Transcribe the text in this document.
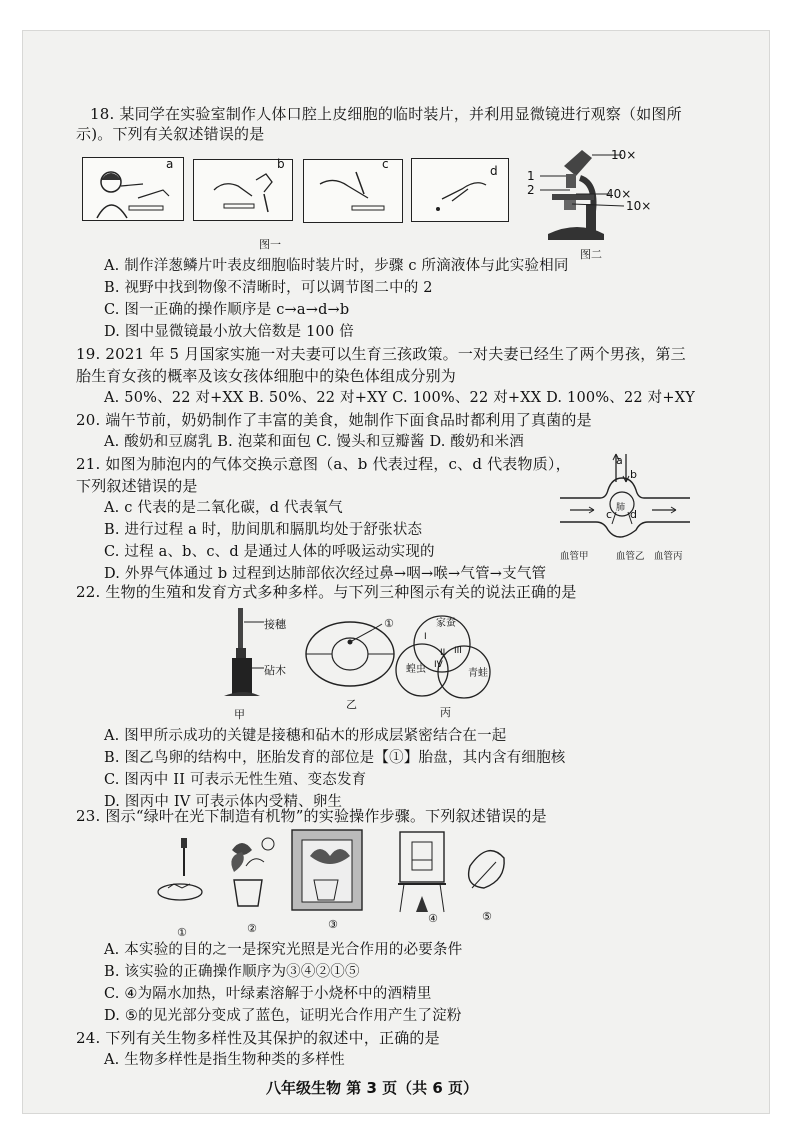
18. 某同学在实验室制作人体口腔上皮细胞的临时装片，并利用显微镜进行观察（如图所
示)。下列有关叙述错误的是
a	b	c	d
图一
10×
1
2	40×
10×
图二
A. 制作洋葱鳞片叶表皮细胞临时装片时，步骤 c 所滴液体与此实验相同
B. 视野中找到物像不清晰时，可以调节图二中的 2
C. 图一正确的操作顺序是 c→a→d→b
D. 图中显微镜最小放大倍数是 100 倍
19. 2021 年 5 月国家实施一对夫妻可以生育三孩政策。一对夫妻已经生了两个男孩，第三
胎生育女孩的概率及该女孩体细胞中的染色体组成分别为
A. 50%、22 对+XX B. 50%、22 对+XY C. 100%、22 对+XX D. 100%、22 对+XY
20. 端午节前，奶奶制作了丰富的美食，她制作下面食品时都利用了真菌的是
A. 酸奶和豆腐乳 B. 泡菜和面包 C. 馒头和豆瓣酱 D. 酸奶和米酒
21. 如图为肺泡内的气体交换示意图（a、b 代表过程，c、d 代表物质），
下列叙述错误的是
A. c 代表的是二氧化碳，d 代表氧气
B. 进行过程 a 时，肋间肌和膈肌均处于舒张状态
C. 过程 a、b、c、d 是通过人体的呼吸运动实现的
D. 外界气体通过 b 过程到达肺部依次经过鼻→咽→喉→气管→支气管
a
肺
b
c d
血管甲	血管乙 血管丙
22. 生物的生殖和发育方式多种多样。与下列三种图示有关的说法正确的是
接穗
砧木
甲
①
乙
家蚕
蝗虫	青蛙
I
II III
IV
丙
A. 图甲所示成功的关键是接穗和砧木的形成层紧密结合在一起
B. 图乙鸟卵的结构中，胚胎发育的部位是【①】胎盘，其内含有细胞核
C. 图丙中 II 可表示无性生殖、变态发育
D. 图丙中 IV 可表示体内受精、卵生
23. 图示“绿叶在光下制造有机物”的实验操作步骤。下列叙述错误的是
①	②	③	④	⑤
A. 本实验的目的之一是探究光照是光合作用的必要条件
B. 该实验的正确操作顺序为③④②①⑤
C. ④为隔水加热，叶绿素溶解于小烧杯中的酒精里
D. ⑤的见光部分变成了蓝色，证明光合作用产生了淀粉
24. 下列有关生物多样性及其保护的叙述中，正确的是
A. 生物多样性是指生物种类的多样性
八年级生物 第 3 页（共 6 页）
